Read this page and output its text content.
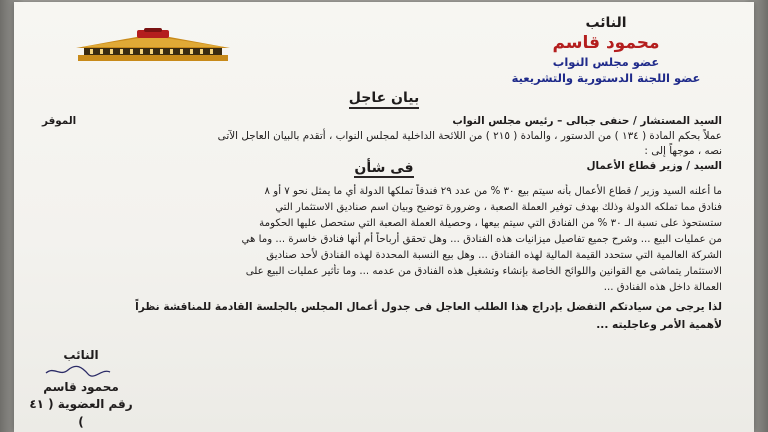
النائب
محمود قاسم
عضو مجلس النواب
عضو اللجنة الدستورية والتشريعية
بيان عاجل
السيد المستشار / حنفى جبالى – رئيس مجلس النواب
الموقر
عملاً بحكم المادة ( ١٣٤ ) من الدستور ، والمادة ( ٢١٥ ) من اللائحة الداخلية لمجلس النواب ، أتقدم بالبيان العاجل الآتى
نصه ، موجهاً إلى :
السيد / وزير قطاع الأعمال
فى شأن
ما أعلنه السيد وزير / قطاع الأعمال بأنه سيتم بيع ٣٠ % من عدد ٢٩ فندقاً تملكها الدولة أي ما يمثل نحو ٧ أو ٨
فنادق مما تملكه الدولة وذلك بهدف توفير العملة الصعبة ، وضرورة توضيح وبيان اسم صناديق الاستثمار التي
ستستحوذ على نسبة الـ ٣٠ % من الفنادق التي سيتم بيعها ، وحصيلة العملة الصعبة التي ستحصل عليها الحكومة
من عمليات البيع ... وشرح جميع تفاصيل ميزانيات هذه الفنادق ... وهل تحقق أرباحاً أم أنها فنادق خاسرة ... وما هي
الشركة العالمية التي ستحدد القيمة المالية لهذه الفنادق ... وهل بيع النسبة المحددة لهذه الفنادق لأحد صناديق
الاستثمار يتماشى مع القوانين واللوائح الخاصة بإنشاء وتشغيل هذه الفنادق من عدمه ... وما تأثير عمليات البيع على
العمالة داخل هذه الفنادق ...
لذا يرجى من سيادتكم التفضل بإدراج هذا الطلب العاجل فى جدول أعمال المجلس بالجلسة القادمة للمناقشة نظراً
لأهمية الأمر وعاجليته ...
النائب
محمود قاسم
رقم العضوية ( ٤١ )
